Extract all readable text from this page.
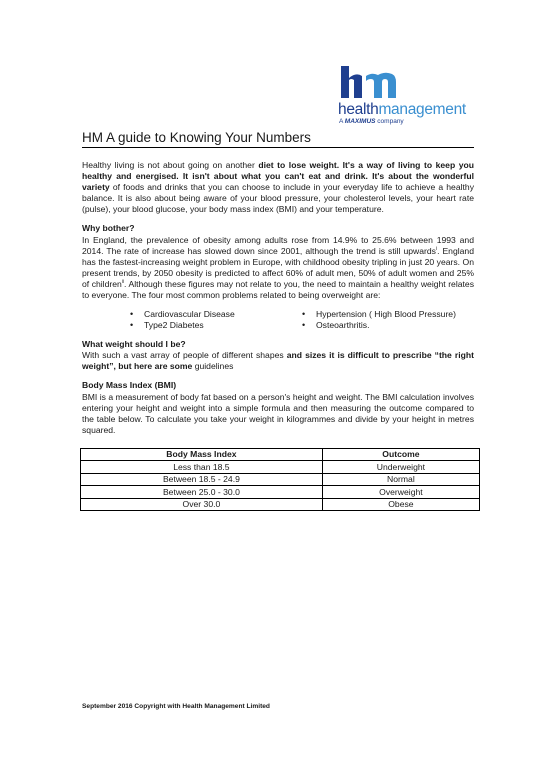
healthmanagement
A MAXIMUS company
HM A guide to Knowing Your Numbers

Healthy living is not about going on another diet to lose weight. It's a way of living to keep you healthy and energised. It isn't about what you can't eat and drink. It's about the wonderful variety of foods and drinks that you can choose to include in your everyday life to achieve a healthy balance. It is also about being aware of your blood pressure, your cholesterol levels, your heart rate (pulse), your blood glucose, your body mass index (BMI) and your temperature.

Why bother?

In England, the prevalence of obesity among adults rose from 14.9% to 25.6% between 1993 and 2014. The rate of increase has slowed down since 2001, although the trend is still upwards$^i$. England has the fastest-increasing weight problem in Europe, with childhood obesity tripling in just 20 years. On present trends, by 2050 obesity is predicted to affect 60% of adult men, 50% of adult women and 25% of children$^{ii}$. Although these figures may not relate to you, the need to maintain a healthy weight relates to everyone. The four most common problems related to being overweight are:

• Cardiovascular Disease	• Hypertension ( High Blood Pressure)
• Type2 Diabetes	• Osteoarthritis.
What weight should I be?

With such a vast array of people of different shapes and sizes it is difficult to prescribe “the right weight”, but here are some guidelines

Body Mass Index (BMI)

BMI is a measurement of body fat based on a person's height and weight. The BMI calculation involves entering your height and weight into a simple formula and then measuring the outcome compared to the table below. To calculate you take your weight in kilogrammes and divide by your height in metres squared.

Body Mass Index	Outcome
Less than 18.5	Underweight
Between 18.5 - 24.9	Normal
Between 25.0 - 30.0	Overweight
Over 30.0	Obese
September 2016 Copyright with Health Management Limited
